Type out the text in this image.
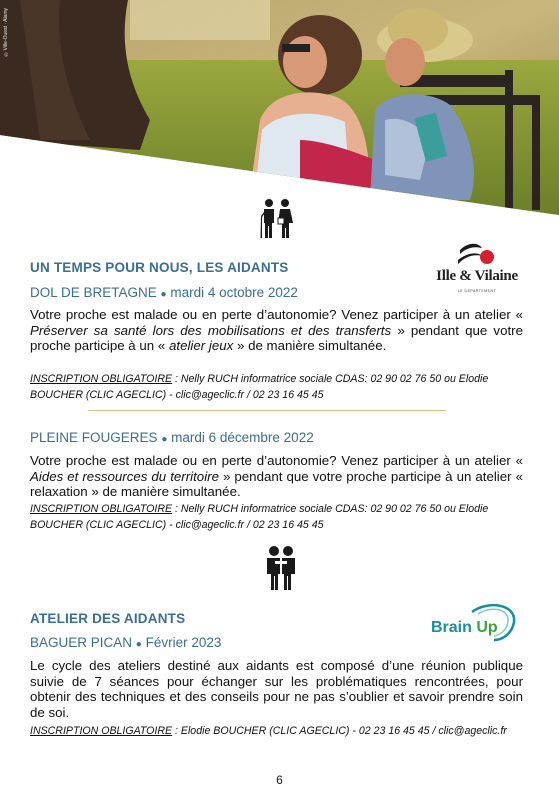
©Ville-Ouest · Alamy
Ille & Vilaine
LE DÉPARTEMENT
UN TEMPS POUR NOUS, LES AIDANTS
DOL DE BRETAGNE ● mardi 4 octobre 2022
Votre proche est malade ou en perte d’autonomie? Venez participer à un atelier « Préserver sa santé lors des mobilisations et des transferts » pendant que votre proche participe à un « atelier jeux » de manière simultanée.
INSCRIPTION OBLIGATOIRE : Nelly RUCH informatrice sociale CDAS: 02 90 02 76 50 ou Elodie BOUCHER (CLIC AGECLIC) - clic@ageclic.fr / 02 23 16 45 45
PLEINE FOUGERES ● mardi 6 décembre 2022
Votre proche est malade ou en perte d’autonomie? Venez participer à un atelier « Aides et ressources du territoire » pendant que votre proche participe à un atelier « relaxation » de manière simultanée.
INSCRIPTION OBLIGATOIRE : Nelly RUCH informatrice sociale CDAS: 02 90 02 76 50 ou Elodie BOUCHER (CLIC AGECLIC) - clic@ageclic.fr / 02 23 16 45 45
Brain Up
ATELIER DES AIDANTS
BAGUER PICAN ● Février 2023
Le cycle des ateliers destiné aux aidants est composé d’une réunion publique suivie de 7 séances pour échanger sur les problématiques rencontrées, pour obtenir des techniques et des conseils pour ne pas s’oublier et savoir prendre soin de soi.
INSCRIPTION OBLIGATOIRE : Elodie BOUCHER (CLIC AGECLIC) - 02 23 16 45 45 / clic@ageclic.fr
6
